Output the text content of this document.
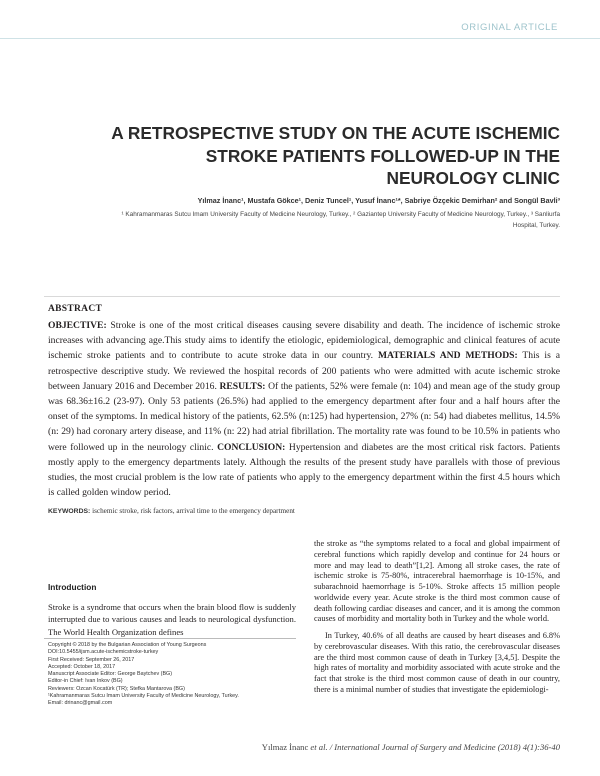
ORIGINAL ARTICLE
A RETROSPECTIVE STUDY ON THE ACUTE ISCHEMIC
STROKE PATIENTS FOLLOWED-UP IN THE
NEUROLOGY CLINIC
Yılmaz İnanc¹, Mustafa Gökce¹, Deniz Tuncel¹, Yusuf İnanc¹*, Sabriye Özçekic Demirhan² and Songül Bavli³
¹ Kahramanmaras Sutcu Imam University Faculty of Medicine Neurology, Turkey., ² Gaziantep University Faculty of Medicine Neurology, Turkey., ³ Sanliurfa
Hospital, Turkey.
ABSTRACT
OBJECTIVE: Stroke is one of the most critical diseases causing severe disability and death. The incidence of ischemic stroke increases with advancing age.This study aims to identify the etiologic, epidemiological, demographic and clinical features of acute ischemic stroke patients and to contribute to acute stroke data in our country. MATERIALS AND METHODS: This is a retrospective descriptive study. We reviewed the hospital records of 200 patients who were admitted with acute ischemic stroke between January 2016 and December 2016. RESULTS: Of the patients, 52% were female (n: 104) and mean age of the study group was 68.36±16.2 (23-97). Only 53 patients (26.5%) had applied to the emergency department after four and a half hours after the onset of the symptoms. In medical history of the patients, 62.5% (n:125) had hypertension, 27% (n: 54) had diabetes mellitus, 14.5% (n: 29) had coronary artery disease, and 11% (n: 22) had atrial fibrillation. The mortality rate was found to be 10.5% in patients who were followed up in the neurology clinic. CONCLUSION: Hypertension and diabetes are the most critical risk factors. Patients mostly apply to the emergency departments lately. Although the results of the present study have parallels with those of previous studies, the most crucial problem is the low rate of patients who apply to the emergency department within the first 4.5 hours which is called golden window period.
KEYWORDS: ischemic stroke, risk factors, arrival time to the emergency department
Introduction

Stroke is a syndrome that occurs when the brain blood flow is suddenly interrupted due to various causes and leads to neurological dysfunction. The World Health Organization defines

Copyright © 2018 by the Bulgarian Association of Young Surgeons
DOI:10.5455/ijsm.acute-ischemicstroke-turkey
First Received: September 26, 2017
Accepted: October 18, 2017
Manuscript Associate Editor: George Baytchev (BG)
Editor-in Chief: Ivan Inkov (BG)
Reviewers: Ozcan Kocatürk (TR); Stefka Mantarova (BG)
¹Kahramanmaras Sutcu Imam University Faculty of Medicine Neurology, Turkey.
Email: drinanc@gmail.com

the stroke as “the symptoms related to a focal and global impairment of cerebral functions which rapidly develop and continue for 24 hours or more and may lead to death”[1,2]. Among all stroke cases, the rate of ischemic stroke is 75-80%, intracerebral haemorrhage is 10-15%, and subarachnoid haemorrhage is 5-10%. Stroke affects 15 million people worldwide every year. Acute stroke is the third most common cause of death following cardiac diseases and cancer, and it is among the common causes of morbidity and mortality both in Turkey and the whole world.

In Turkey, 40.6% of all deaths are caused by heart diseases and 6.8% by cerebrovascular diseases. With this ratio, the cerebrovascular diseases are the third most common cause of death in Turkey [3,4,5]. Despite the high rates of mortality and morbidity associated with acute stroke and the fact that stroke is the third most common cause of death in our country, there is a minimal number of studies that investigate the epidemiologi-

Yılmaz İnanc et al. / International Journal of Surgery and Medicine (2018) 4(1):36-40
